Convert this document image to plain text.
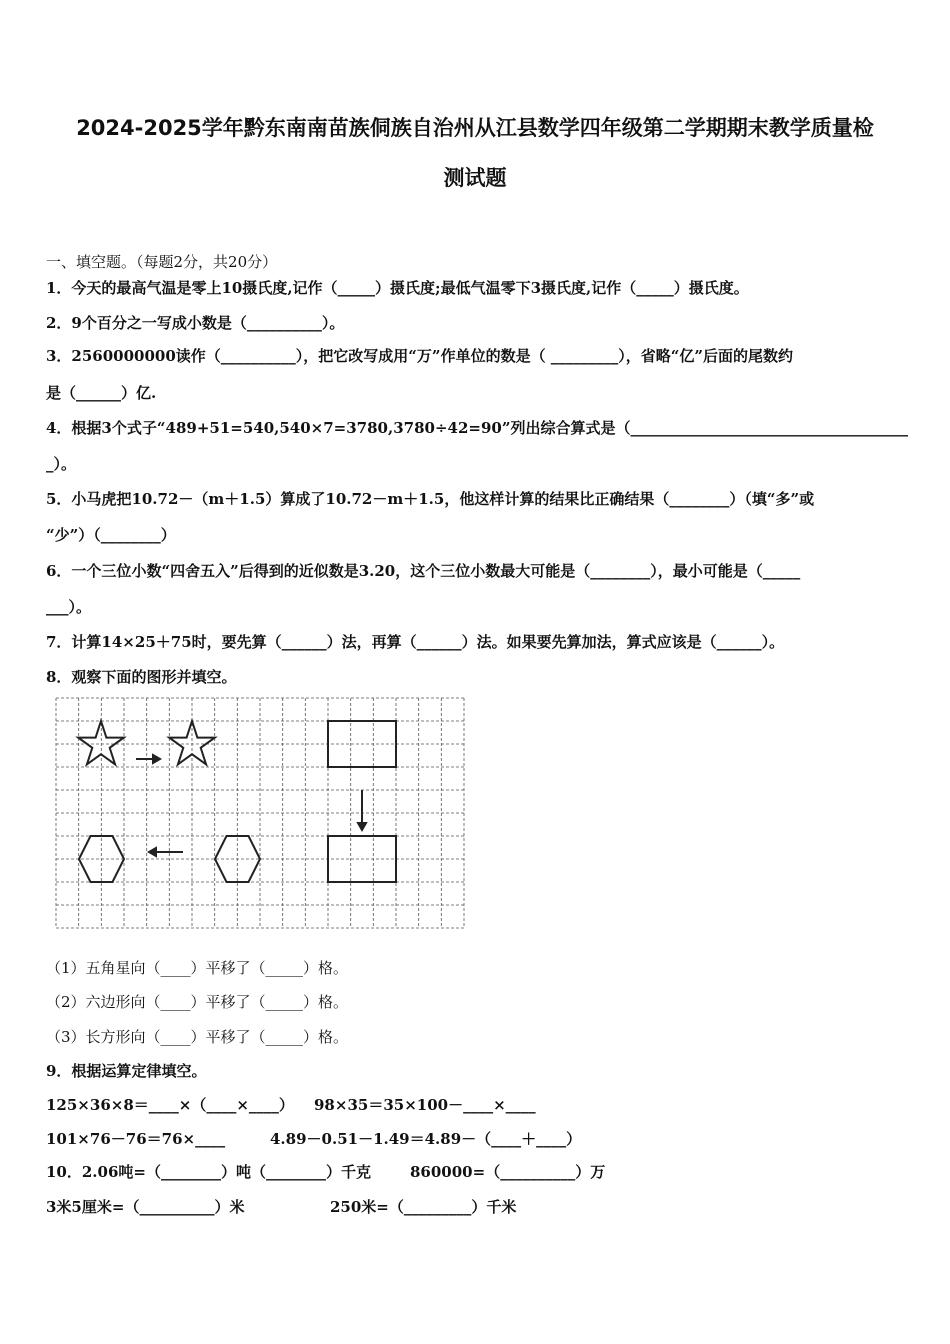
2024-2025学年黔东南南苗族侗族自治州从江县数学四年级第二学期期末教学质量检
测试题
一、填空题。（每题2分，共20分）
1．今天的最高气温是零上10摄氏度,记作（_____）摄氏度;最低气温零下3摄氏度,记作（_____）摄氏度。
2．9个百分之一写成小数是（__________）。
3．2560000000读作（__________），把它改写成用“万”作单位的数是（ _________），省略“亿”后面的尾数约
是（______）亿.
4．根据3个式子“489+51=540,540×7=3780,3780÷42=90”列出综合算式是（_____________________________________
_）。
5．小马虎把10.72－（m＋1.5）算成了10.72－m＋1.5，他这样计算的结果比正确结果（________）（填“多”或
“少”）（________）
6．一个三位小数“四舍五入”后得到的近似数是3.20，这个三位小数最大可能是（________），最小可能是（_____
___）。
7．计算14×25＋75时，要先算（______）法，再算（______）法。如果要先算加法，算式应该是（______）。
8．观察下面的图形并填空。
（1）五角星向（____）平移了（_____）格。
（2）六边形向（____）平移了（_____）格。
（3）长方形向（____）平移了（_____）格。
9．根据运算定律填空。
125×36×8＝____×（____×____） 98×35＝35×100－____×____
101×76－76＝76×____	4.89－0.51－1.49＝4.89－（____＋____）
10．2.06吨=（________）吨（________）千克	860000=（__________）万
3米5厘米=（__________）米	250米=（_________）千米
